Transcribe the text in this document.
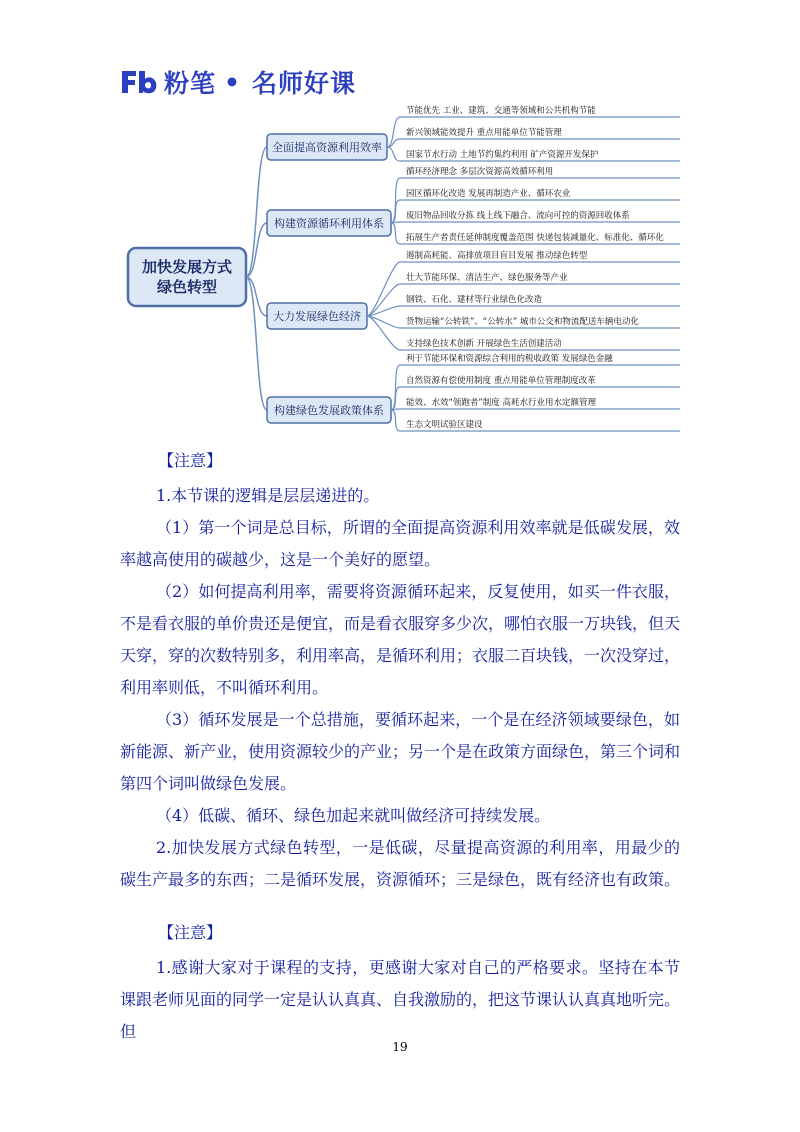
粉笔 • 名师好课
加快发展方式
绿色转型
全面提高资源利用效率
节能优先 工业、建筑、交通等领域和公共机构节能
新兴领域能效提升 重点用能单位节能管理
国家节水行动 土地节约集约利用 矿产资源开发保护
构建资源循环利用体系
循环经济理念 多层次资源高效循环利用
园区循环化改造 发展再制造产业、循环农业
废旧物品回收分拣 线上线下融合、流向可控的资源回收体系
拓展生产者责任延伸制度覆盖范围 快递包装减量化、标准化、循环化
大力发展绿色经济
遏制高耗能、高排放项目盲目发展 推动绿色转型
壮大节能环保、清洁生产、绿色服务等产业
钢铁、石化、建材等行业绿色化改造
货物运输“公转铁”、“公转水” 城市公交和物流配送车辆电动化
支持绿色技术创新 开展绿色生活创建活动
构建绿色发展政策体系
利于节能环保和资源综合利用的税收政策 发展绿色金融
自然资源有偿使用制度 重点用能单位管理制度改革
能效、水效“领跑者”制度 高耗水行业用水定额管理
生态文明试验区建设
【注意】
1.本节课的逻辑是层层递进的。
（1）第一个词是总目标，所谓的全面提高资源利用效率就是低碳发展，效率越高使用的碳越少，这是一个美好的愿望。
（2）如何提高利用率，需要将资源循环起来，反复使用，如买一件衣服，不是看衣服的单价贵还是便宜，而是看衣服穿多少次，哪怕衣服一万块钱，但天天穿，穿的次数特别多，利用率高，是循环利用；衣服二百块钱，一次没穿过，利用率则低，不叫循环利用。
（3）循环发展是一个总措施，要循环起来，一个是在经济领域要绿色，如新能源、新产业，使用资源较少的产业；另一个是在政策方面绿色，第三个词和第四个词叫做绿色发展。
（4）低碳、循环、绿色加起来就叫做经济可持续发展。
2.加快发展方式绿色转型，一是低碳，尽量提高资源的利用率，用最少的碳生产最多的东西；二是循环发展，资源循环；三是绿色，既有经济也有政策。
【注意】
1.感谢大家对于课程的支持，更感谢大家对自己的严格要求。坚持在本节课跟老师见面的同学一定是认认真真、自我激励的，把这节课认认真真地听完。但
19
